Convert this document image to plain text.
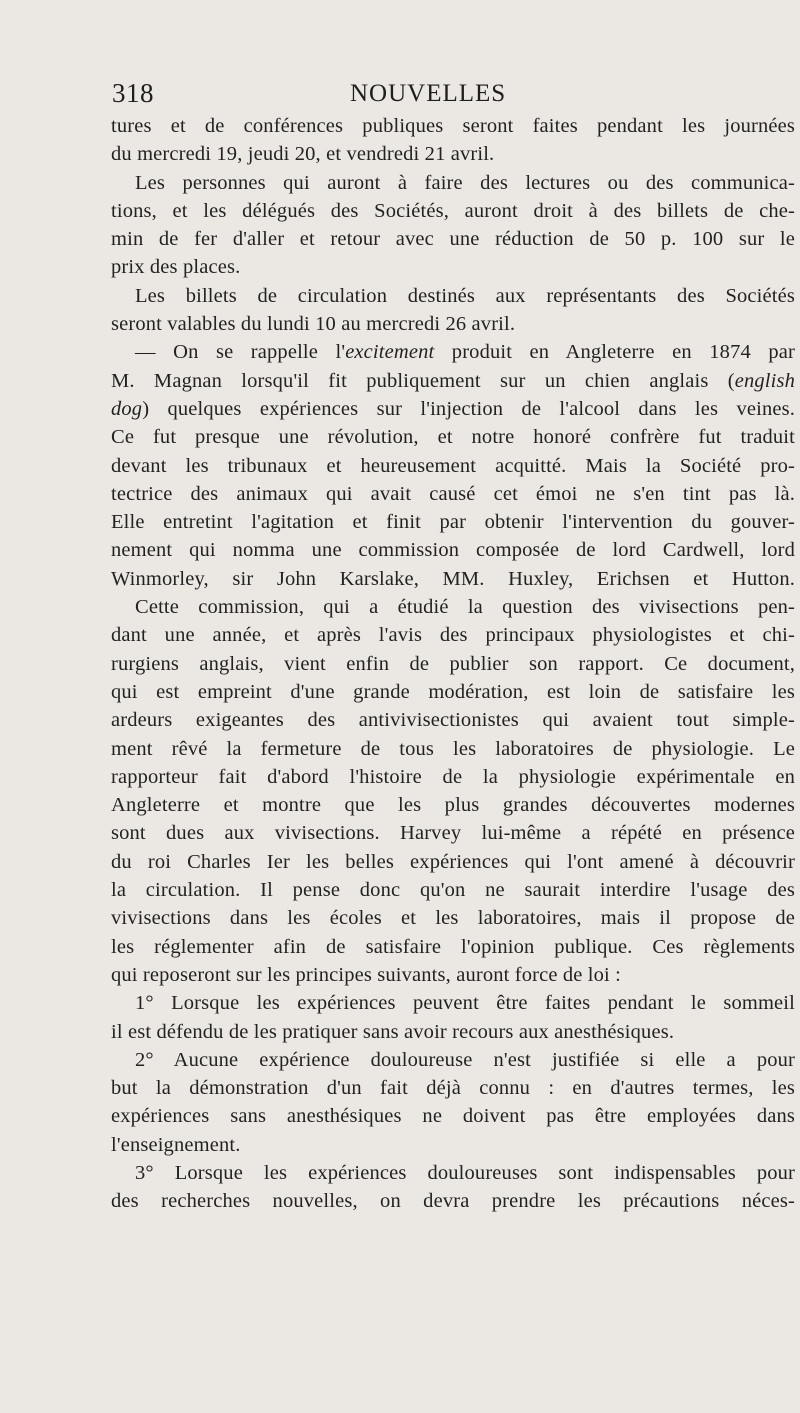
318	NOUVELLES
tures et de conférences publiques seront faites pendant les journées
du mercredi 19, jeudi 20, et vendredi 21 avril.
Les personnes qui auront à faire des lectures ou des communica-
tions, et les délégués des Sociétés, auront droit à des billets de che-
min de fer d'aller et retour avec une réduction de 50 p. 100 sur le
prix des places.
Les billets de circulation destinés aux représentants des Sociétés
seront valables du lundi 10 au mercredi 26 avril.
— On se rappelle l'excitement produit en Angleterre en 1874 par
M. Magnan lorsqu'il fit publiquement sur un chien anglais (english
dog) quelques expériences sur l'injection de l'alcool dans les veines.
Ce fut presque une révolution, et notre honoré confrère fut traduit
devant les tribunaux et heureusement acquitté. Mais la Société pro-
tectrice des animaux qui avait causé cet émoi ne s'en tint pas là.
Elle entretint l'agitation et finit par obtenir l'intervention du gouver-
nement qui nomma une commission composée de lord Cardwell, lord
Winmorley, sir John Karslake, MM. Huxley, Erichsen et Hutton.
Cette commission, qui a étudié la question des vivisections pen-
dant une année, et après l'avis des principaux physiologistes et chi-
rurgiens anglais, vient enfin de publier son rapport. Ce document,
qui est empreint d'une grande modération, est loin de satisfaire les
ardeurs exigeantes des antivivisectionistes qui avaient tout simple-
ment rêvé la fermeture de tous les laboratoires de physiologie. Le
rapporteur fait d'abord l'histoire de la physiologie expérimentale en
Angleterre et montre que les plus grandes découvertes modernes
sont dues aux vivisections. Harvey lui-même a répété en présence
du roi Charles Ier les belles expériences qui l'ont amené à découvrir
la circulation. Il pense donc qu'on ne saurait interdire l'usage des
vivisections dans les écoles et les laboratoires, mais il propose de
les réglementer afin de satisfaire l'opinion publique. Ces règlements
qui reposeront sur les principes suivants, auront force de loi :
1° Lorsque les expériences peuvent être faites pendant le sommeil
il est défendu de les pratiquer sans avoir recours aux anesthésiques.
2° Aucune expérience douloureuse n'est justifiée si elle a pour
but la démonstration d'un fait déjà connu : en d'autres termes, les
expériences sans anesthésiques ne doivent pas être employées dans
l'enseignement.
3° Lorsque les expériences douloureuses sont indispensables pour
des recherches nouvelles, on devra prendre les précautions néces-
